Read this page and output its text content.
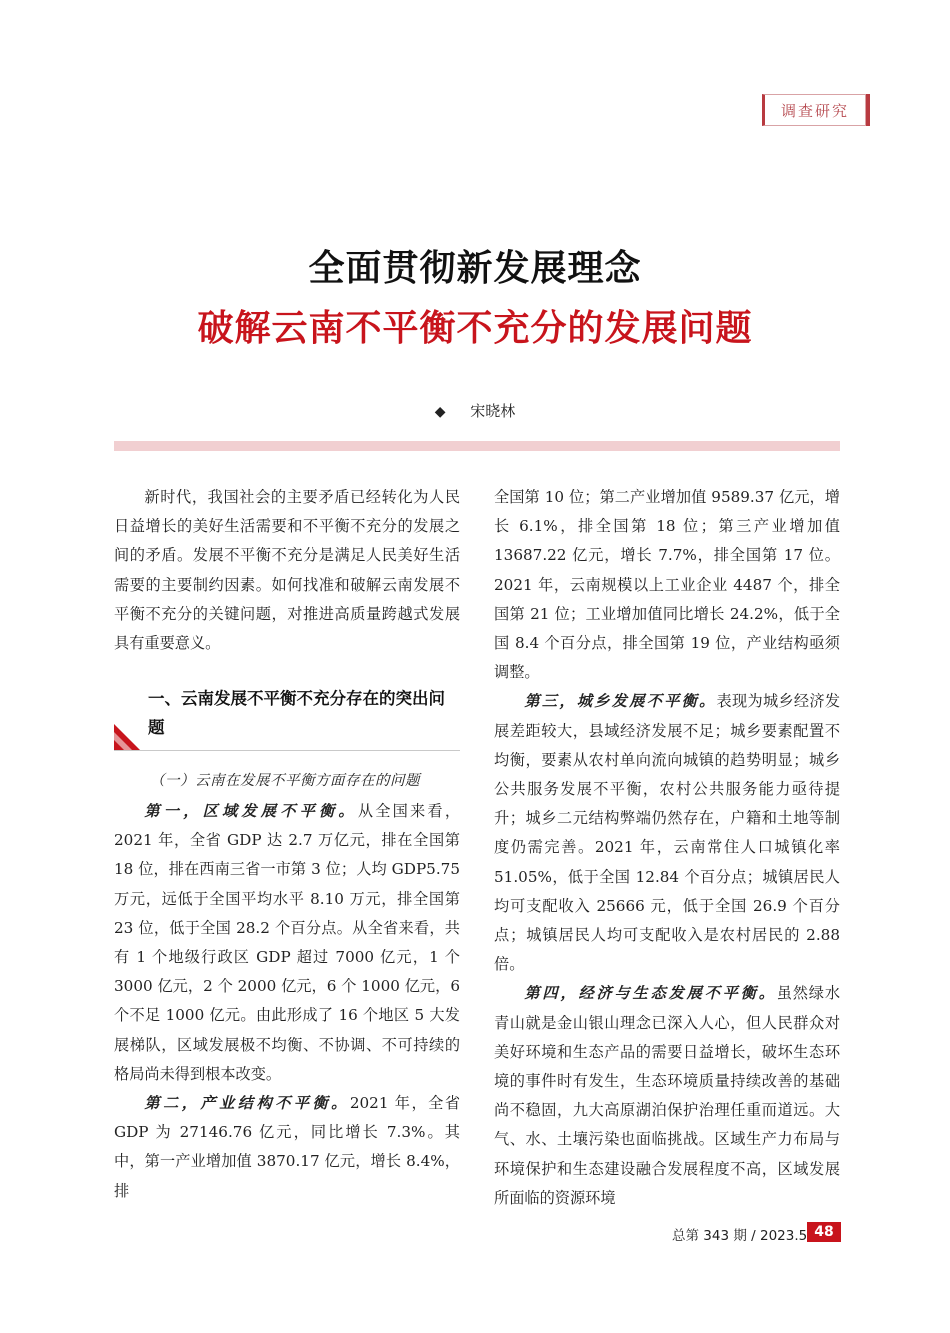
调查研究
全面贯彻新发展理念
破解云南不平衡不充分的发展问题
◆ 宋晓林

新时代，我国社会的主要矛盾已经转化为人民日益增长的美好生活需要和不平衡不充分的发展之间的矛盾。发展不平衡不充分是满足人民美好生活需要的主要制约因素。如何找准和破解云南发展不平衡不充分的关键问题，对推进高质量跨越式发展具有重要意义。

一、云南发展不平衡不充分存在的突出问题
（一）云南在发展不平衡方面存在的问题

第一，区域发展不平衡。从全国来看，2021 年，全省 GDP 达 2.7 万亿元，排在全国第 18 位，排在西南三省一市第 3 位；人均 GDP5.75 万元，远低于全国平均水平 8.10 万元，排全国第 23 位，低于全国 28.2 个百分点。从全省来看，共有 1 个地级行政区 GDP 超过 7000 亿元，1 个 3000 亿元，2 个 2000 亿元，6 个 1000 亿元，6 个不足 1000 亿元。由此形成了 16 个地区 5 大发展梯队，区域发展极不均衡、不协调、不可持续的格局尚未得到根本改变。

第二，产业结构不平衡。2021 年，全省 GDP 为 27146.76 亿元，同比增长 7.3%。其中，第一产业增加值 3870.17 亿元，增长 8.4%，排

全国第 10 位；第二产业增加值 9589.37 亿元，增长 6.1%，排全国第 18 位；第三产业增加值 13687.22 亿元，增长 7.7%，排全国第 17 位。2021 年，云南规模以上工业企业 4487 个，排全国第 21 位；工业增加值同比增长 24.2%，低于全国 8.4 个百分点，排全国第 19 位，产业结构亟须调整。

第三，城乡发展不平衡。表现为城乡经济发展差距较大，县域经济发展不足；城乡要素配置不均衡，要素从农村单向流向城镇的趋势明显；城乡公共服务发展不平衡，农村公共服务能力亟待提升；城乡二元结构弊端仍然存在，户籍和土地等制度仍需完善。2021 年，云南常住人口城镇化率 51.05%，低于全国 12.84 个百分点；城镇居民人均可支配收入 25666 元，低于全国 26.9 个百分点；城镇居民人均可支配收入是农村居民的 2.88 倍。

第四，经济与生态发展不平衡。虽然绿水青山就是金山银山理念已深入人心，但人民群众对美好环境和生态产品的需要日益增长，破坏生态环境的事件时有发生，生态环境质量持续改善的基础尚不稳固，九大高原湖泊保护治理任重而道远。大气、水、土壤污染也面临挑战。区域生产力布局与环境保护和生态建设融合发展程度不高，区域发展所面临的资源环境

总第 343 期 / 2023.5 48
